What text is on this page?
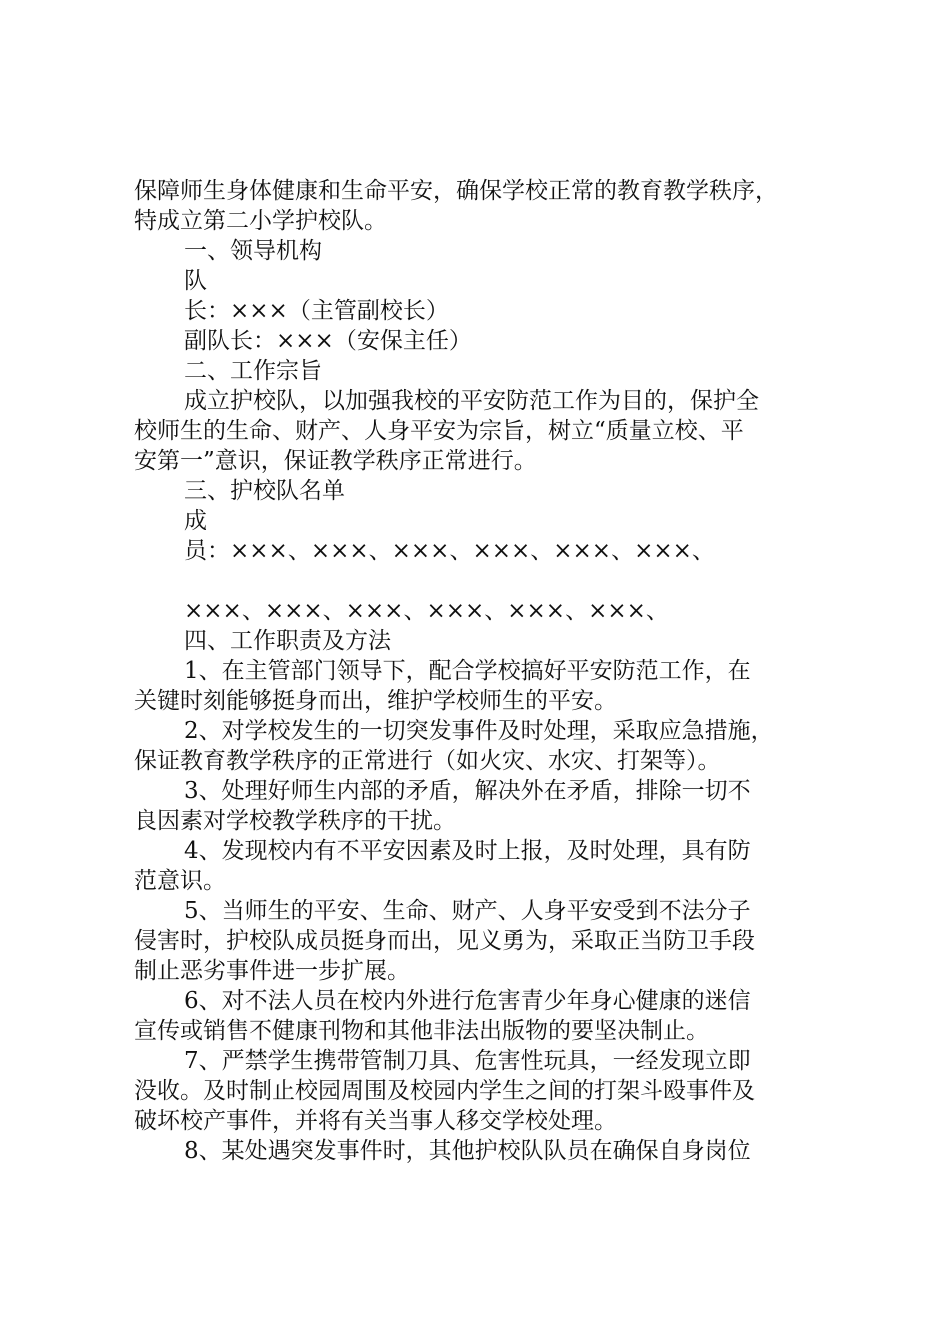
保障师生身体健康和生命平安，确保学校正常的教育教学秩序，
特成立第二小学护校队。
一、领导机构
队
长：×××（主管副校长）
副队长：×××（安保主任）
二、工作宗旨
成立护校队，以加强我校的平安防范工作为目的，保护全
校师生的生命、财产、人身平安为宗旨，树立“质量立校、平
安第一”意识，保证教学秩序正常进行。
三、护校队名单
成
员：×××、×××、×××、×××、×××、×××、
×××、×××、×××、×××、×××、×××、
四、工作职责及方法
1、在主管部门领导下，配合学校搞好平安防范工作，在
关键时刻能够挺身而出，维护学校师生的平安。
2、对学校发生的一切突发事件及时处理，采取应急措施，
保证教育教学秩序的正常进行（如火灾、水灾、打架等）。
3、处理好师生内部的矛盾，解决外在矛盾，排除一切不
良因素对学校教学秩序的干扰。
4、发现校内有不平安因素及时上报，及时处理，具有防
范意识。
5、当师生的平安、生命、财产、人身平安受到不法分子
侵害时，护校队成员挺身而出，见义勇为，采取正当防卫手段
制止恶劣事件进一步扩展。
6、对不法人员在校内外进行危害青少年身心健康的迷信
宣传或销售不健康刊物和其他非法出版物的要坚决制止。
7、严禁学生携带管制刀具、危害性玩具，一经发现立即
没收。及时制止校园周围及校园内学生之间的打架斗殴事件及
破坏校产事件，并将有关当事人移交学校处理。
8、某处遇突发事件时，其他护校队队员在确保自身岗位
